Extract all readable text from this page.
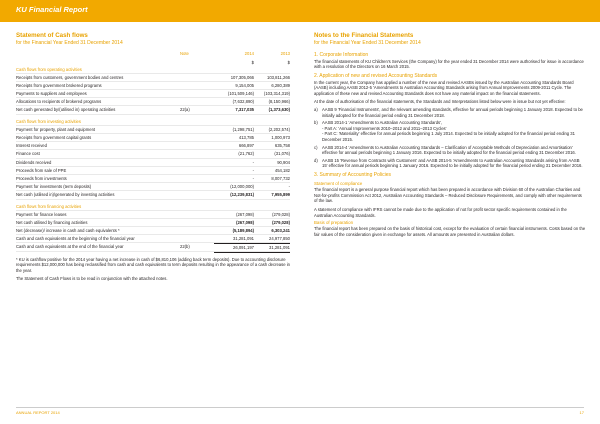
KU Financial Report
Statement of Cash flows
for the Financial Year Ended 31 December 2014
Note	2014	2013
$	$
Cash flows from operating activities
Receipts from customers, government bodies and centres	107,305,066	103,811,266
Receipts from government brokered programs	9,154,005	6,280,389
Payments to suppliers and employees	(101,509,146)	(103,314,319)
Allocations to recipients of brokered programs	(7,632,890)	(8,150,966)
Net cash generated by/(utilised in) operating activities	22(a)	7,317,035	(1,373,630)
Cash flows from investing activities
Payment for property, plant and equipment	(1,298,751)	(2,202,574)
Receipts from government capital grants	413,785	1,000,973
Interest received	666,897	635,758
Finance cost	(21,762)	(31,076)
Dividends received	-	90,904
Proceeds from sale of PPE	-	454,182
Proceeds from investments	-	8,007,732
Payment for investments (term deposits)	(12,000,000)	-
Net cash (utilised in)/generated by investing activities	(12,239,831)	7,955,899
Cash flows from financing activities
Payment for finance leases	(267,098)	(279,028)
Net cash utilised by financing activities	(267,098)	(279,028)
Net (decrease)/ increase in cash and cash equivalents *	(5,189,894)	6,303,241
Cash and cash equivalents at the beginning of the financial year	31,281,091	24,977,850
Cash and cash equivalents at the end of the financial year	22(b)	26,091,197	31,281,091
* KU is cashflow positive for the 2014 year having a net increase in cash of $6,810,106 (adding back term deposits). Due to accounting disclosure requirements $12,000,000 has being reclassified from cash and cash equivalents to term deposits resulting in the appearance of a cash decrease in the year.
The Statement of Cash Flows is to be read in conjunction with the attached notes.
Notes to the Financial Statements
for the Financial Year Ended 31 December 2014
1. Corporate Information
The financial statements of KU Children's Services (the Company) for the year ended 31 December 2014 were authorised for issue in accordance with a resolution of the Directors on 16 March 2015.
2. Application of new and revised Accounting Standards
In the current year, the Company has applied a number of the new and revised AASBs issued by the Australian Accounting Standards Board (AASB) including AASB 2012-5 'Amendments to Australian Accounting Standards arising from Annual Improvements 2009-2011 Cycle. The application of these new and revised Accounting Standards does not have any material impact on the financial statements.
At the date of authorisation of the financial statements, the Standards and Interpretations listed below were in issue but not yet effective:
a) AASB 9 'Financial Instruments', and the relevant amending standards, effective for annual periods beginning 1 January 2018. Expected to be initially adopted for the financial period ending 31 December 2018.
b) AASB 2014-1 'Amendments to Australian Accounting Standards',
- Part A: 'Annual Improvements 2010–2012 and 2011–2013 Cycles'
- Part C: 'Materiality' effective for annual periods beginning 1 July 2014. Expected to be initially adopted for the financial period ending 31 December 2015.
c) AASB 2014-4 'Amendments to Australian Accounting Standards – Clarification of Acceptable Methods of Depreciation and Amortisation' effective for annual periods beginning 1 January 2016. Expected to be initially adopted for the financial period ending 31 December 2016.
d) AASB 15 'Revenue from Contracts with Customers' and AASB 2014-5 'Amendments to Australian Accounting Standards arising from AASB 15' effective for annual periods beginning 1 January 2016. Expected to be initially adopted for the financial period ending 31 December 2016.
3. Summary of Accounting Policies
Statement of compliance
The financial report is a general purpose financial report which has been prepared in accordance with Division 60 of the Australian Charities and Not-for-profits Commission Act 2012, Australian Accounting Standards – Reduced Disclosure Requirements, and comply with other requirements of the law.
A statement of compliance with IFRS cannot be made due to the application of not for profit sector specific requirements contained in the Australian Accounting Standards.
Basis of preparation
The financial report has been prepared on the basis of historical cost, except for the evaluation of certain financial instruments. Costs based on the fair values of the consideration given in exchange for assets. All amounts are presented in Australian dollars.
ANNUAL REPORT 2014	17
